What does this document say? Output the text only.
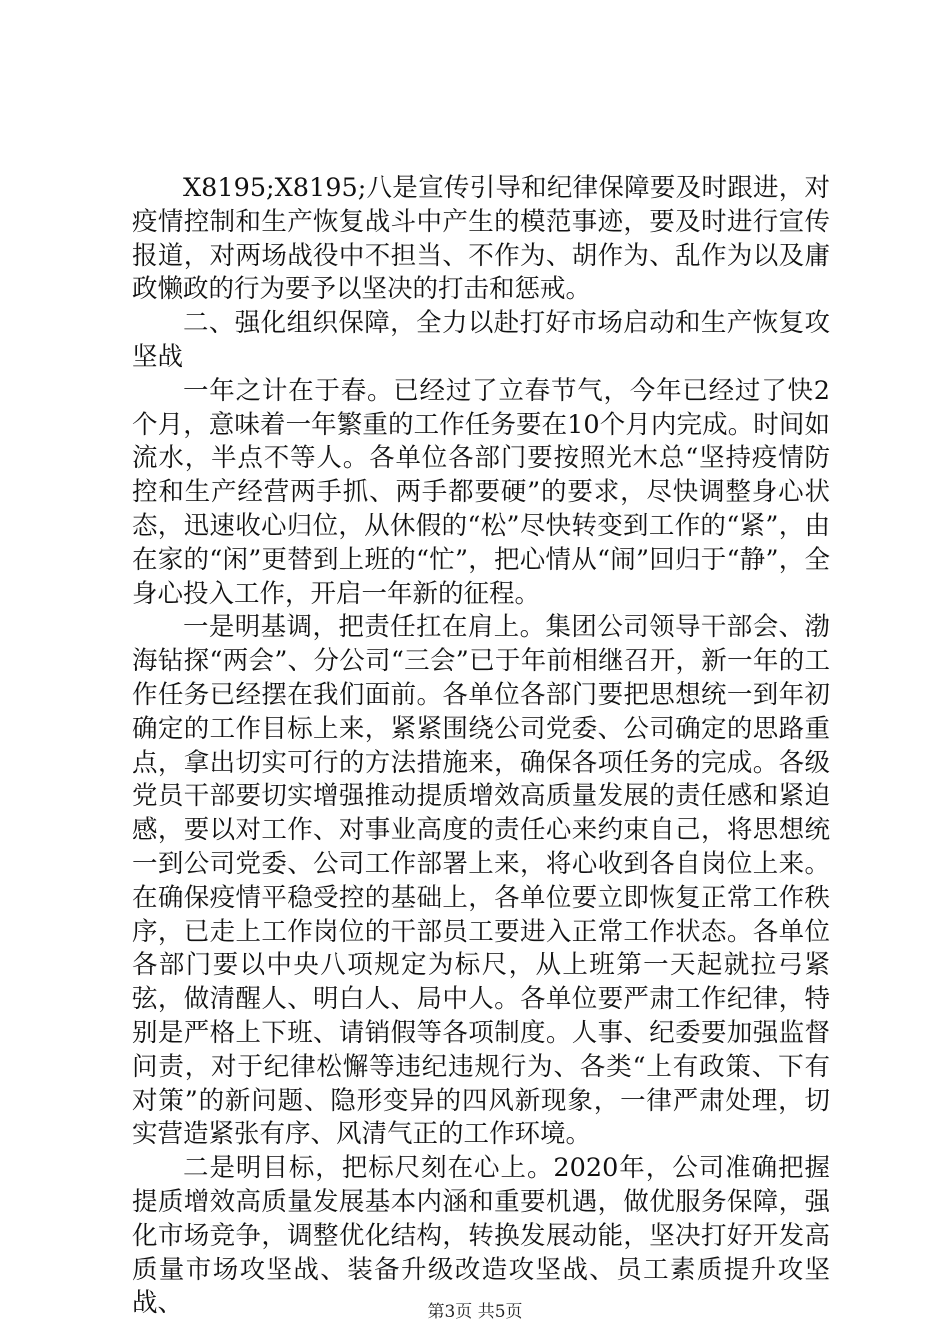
X8195;X8195;八是宣传引导和纪律保障要及时跟进，对疫情控制和生产恢复战斗中产生的模范事迹，要及时进行宣传报道，对两场战役中不担当、不作为、胡作为、乱作为以及庸政懒政的行为要予以坚决的打击和惩戒。

二、强化组织保障，全力以赴打好市场启动和生产恢复攻坚战

一年之计在于春。已经过了立春节气，今年已经过了快2个月，意味着一年繁重的工作任务要在10个月内完成。时间如流水，半点不等人。各单位各部门要按照光木总“坚持疫情防控和生产经营两手抓、两手都要硬”的要求，尽快调整身心状态，迅速收心归位，从休假的“松”尽快转变到工作的“紧”，由在家的“闲”更替到上班的“忙”，把心情从“闹”回归于“静”，全身心投入工作，开启一年新的征程。

一是明基调，把责任扛在肩上。集团公司领导干部会、渤海钻探“两会”、分公司“三会”已于年前相继召开，新一年的工作任务已经摆在我们面前。各单位各部门要把思想统一到年初确定的工作目标上来，紧紧围绕公司党委、公司确定的思路重点，拿出切实可行的方法措施来，确保各项任务的完成。各级党员干部要切实增强推动提质增效高质量发展的责任感和紧迫感，要以对工作、对事业高度的责任心来约束自己，将思想统一到公司党委、公司工作部署上来，将心收到各自岗位上来。在确保疫情平稳受控的基础上，各单位要立即恢复正常工作秩序，已走上工作岗位的干部员工要进入正常工作状态。各单位各部门要以中央八项规定为标尺，从上班第一天起就拉弓紧弦，做清醒人、明白人、局中人。各单位要严肃工作纪律，特别是严格上下班、请销假等各项制度。人事、纪委要加强监督问责，对于纪律松懈等违纪违规行为、各类“上有政策、下有对策”的新问题、隐形变异的四风新现象，一律严肃处理，切实营造紧张有序、风清气正的工作环境。

二是明目标，把标尺刻在心上。2020年，公司准确把握提质增效高质量发展基本内涵和重要机遇，做优服务保障，强化市场竞争，调整优化结构，转换发展动能，坚决打好开发高质量市场攻坚战、装备升级改造攻坚战、员工素质提升攻坚战、	第3页 共5页
